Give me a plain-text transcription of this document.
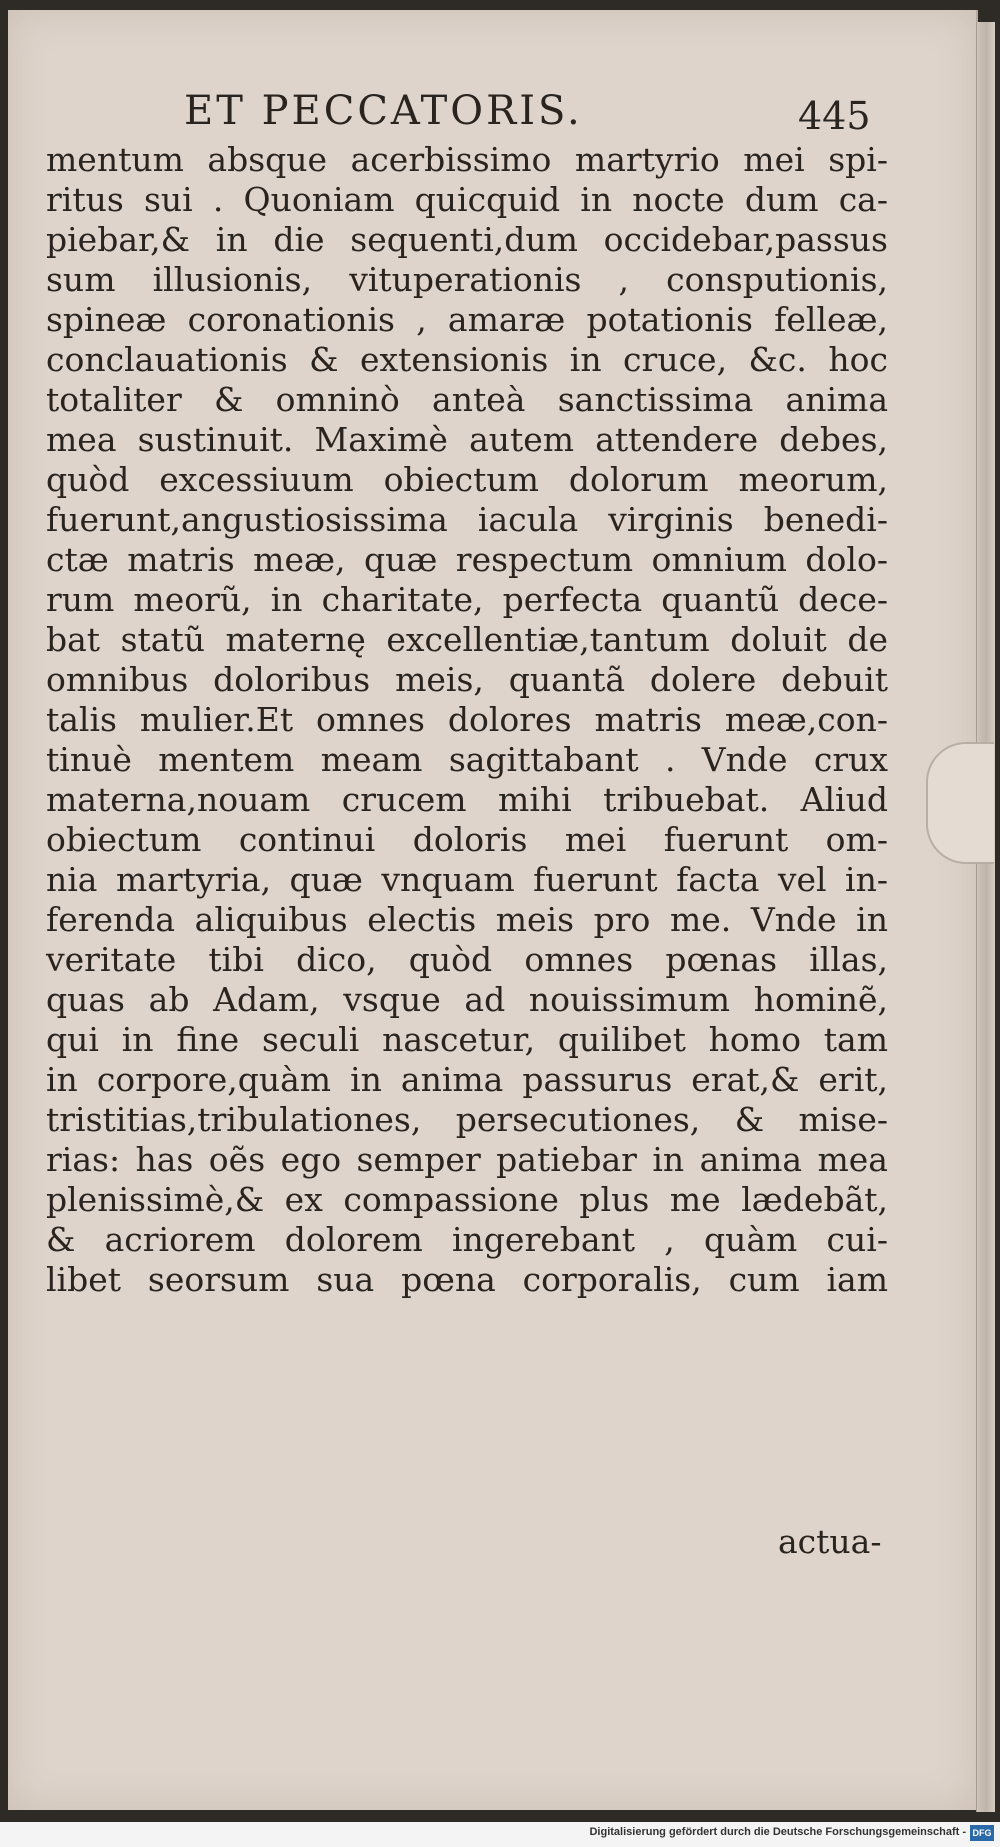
ET PECCATORIS.	445
mentum absque acerbissimo martyrio mei spi-
ritus sui . Quoniam quicquid in nocte dum ca-
piebar,& in die sequenti,dum occidebar,passus
sum illusionis, vituperationis , consputionis,
spineæ coronationis , amaræ potationis felleæ,
conclauationis & extensionis in cruce, &c. hoc
totaliter & omninò anteà sanctissima anima
mea sustinuit. Maximè autem attendere debes,
quòd excessiuum obiectum dolorum meorum,
fuerunt,angustiosissima iacula virginis benedi-
ctæ matris meæ, quæ respectum omnium dolo-
rum meorũ, in charitate, perfecta quantũ dece-
bat statũ maternę excellentiæ,tantum doluit de
omnibus doloribus meis, quantã dolere debuit
talis mulier.Et omnes dolores matris meæ,con-
tinuè mentem meam sagittabant . Vnde crux
materna,nouam crucem mihi tribuebat. Aliud
obiectum continui doloris mei fuerunt om-
nia martyria, quæ vnquam fuerunt facta vel in-
ferenda aliquibus electis meis pro me. Vnde in
veritate tibi dico, quòd omnes pœnas illas,
quas ab Adam, vsque ad nouissimum hominẽ,
qui in fine seculi nascetur, quilibet homo tam
in corpore,quàm in anima passurus erat,& erit,
tristitias,tribulationes, persecutiones, & mise-
rias: has oẽs ego semper patiebar in anima mea
plenissimè,& ex compassione plus me lædebãt,
& acriorem dolorem ingerebant , quàm cui-
libet seorsum sua pœna corporalis, cum iam
actua-
Digitalisierung gefördert durch die Deutsche Forschungsgemeinschaft - DFG
